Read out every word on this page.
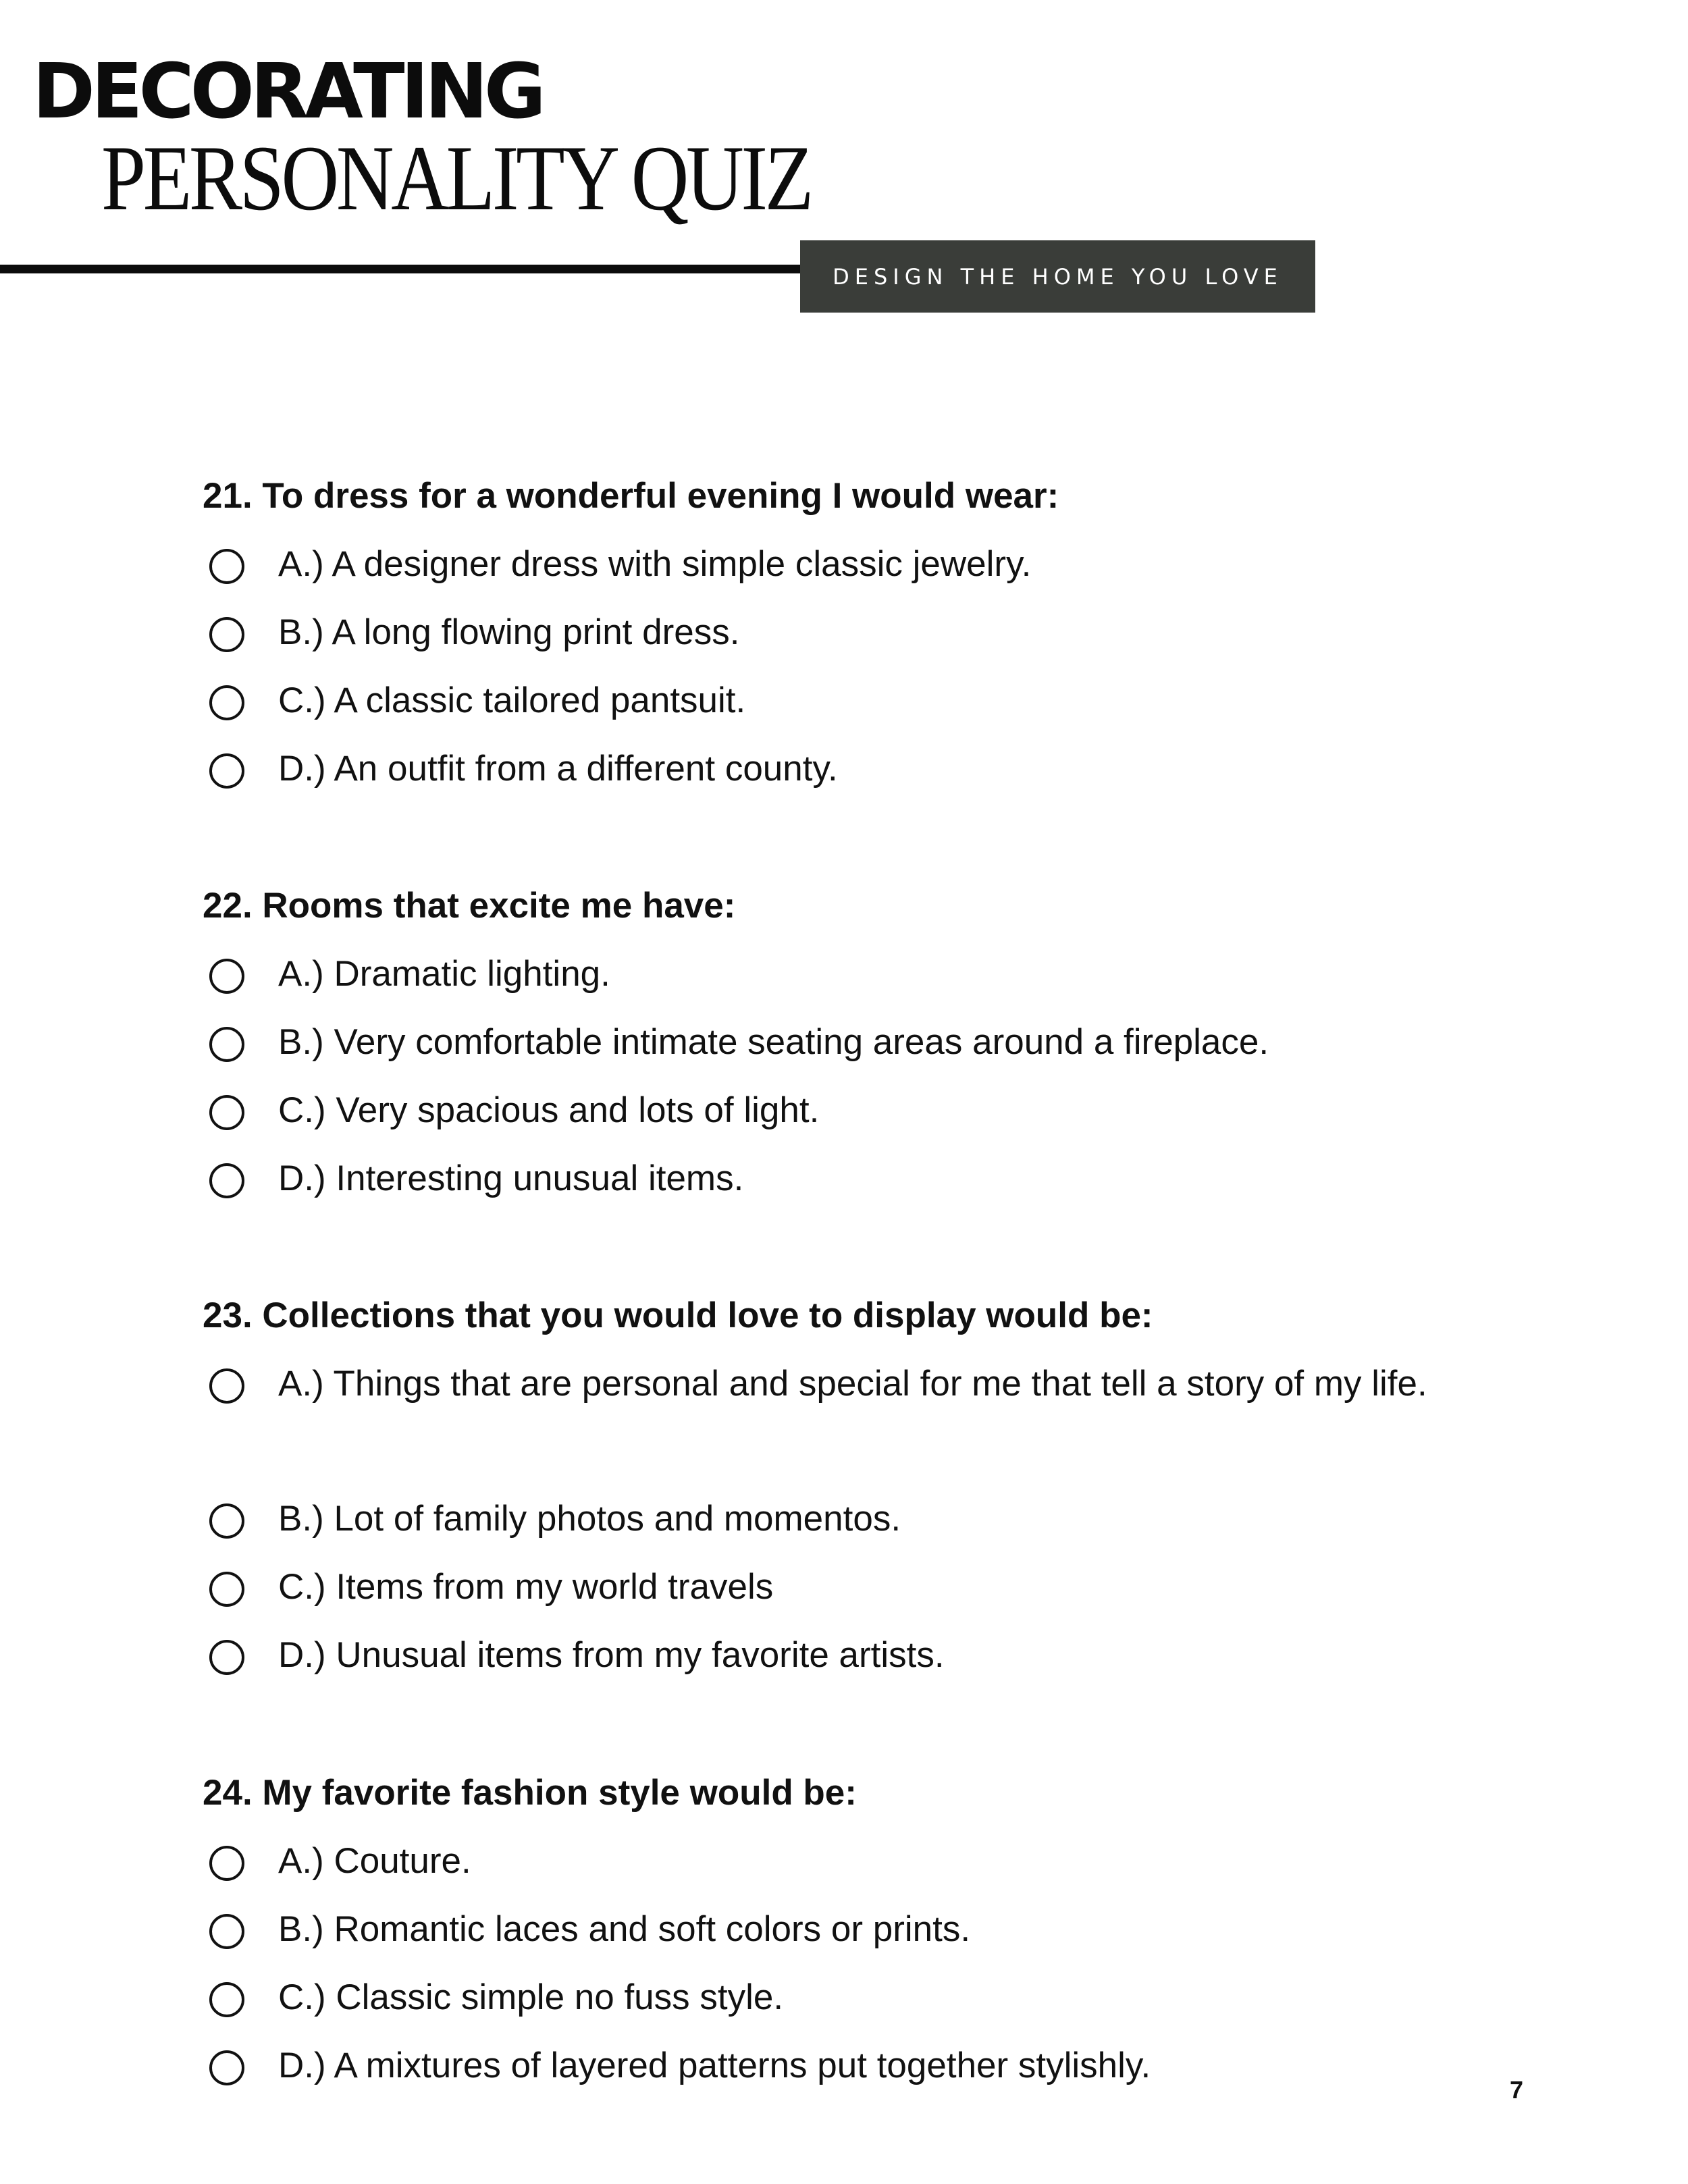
DECORATING
PERSONALITY QUIZ
DESIGN THE HOME YOU LOVE
21. To dress for a wonderful evening I would wear:
A.) A designer dress with simple classic jewelry.
B.) A long flowing print dress.
C.) A classic tailored pantsuit.
D.) An outfit from a different county.
22. Rooms that excite me have:
A.) Dramatic lighting.
B.) Very comfortable intimate seating areas around a fireplace.
C.) Very spacious and lots of light.
D.) Interesting unusual items.
23. Collections that you would love to display would be:
A.) Things that are personal and special for me that tell a story of my life.
B.) Lot of family photos and momentos.
C.) Items from my world travels
D.) Unusual items from my favorite artists.
24. My favorite fashion style would be:
A.) Couture.
B.) Romantic laces and soft colors or prints.
C.) Classic simple no fuss style.
D.) A mixtures of layered patterns put together stylishly.
7
